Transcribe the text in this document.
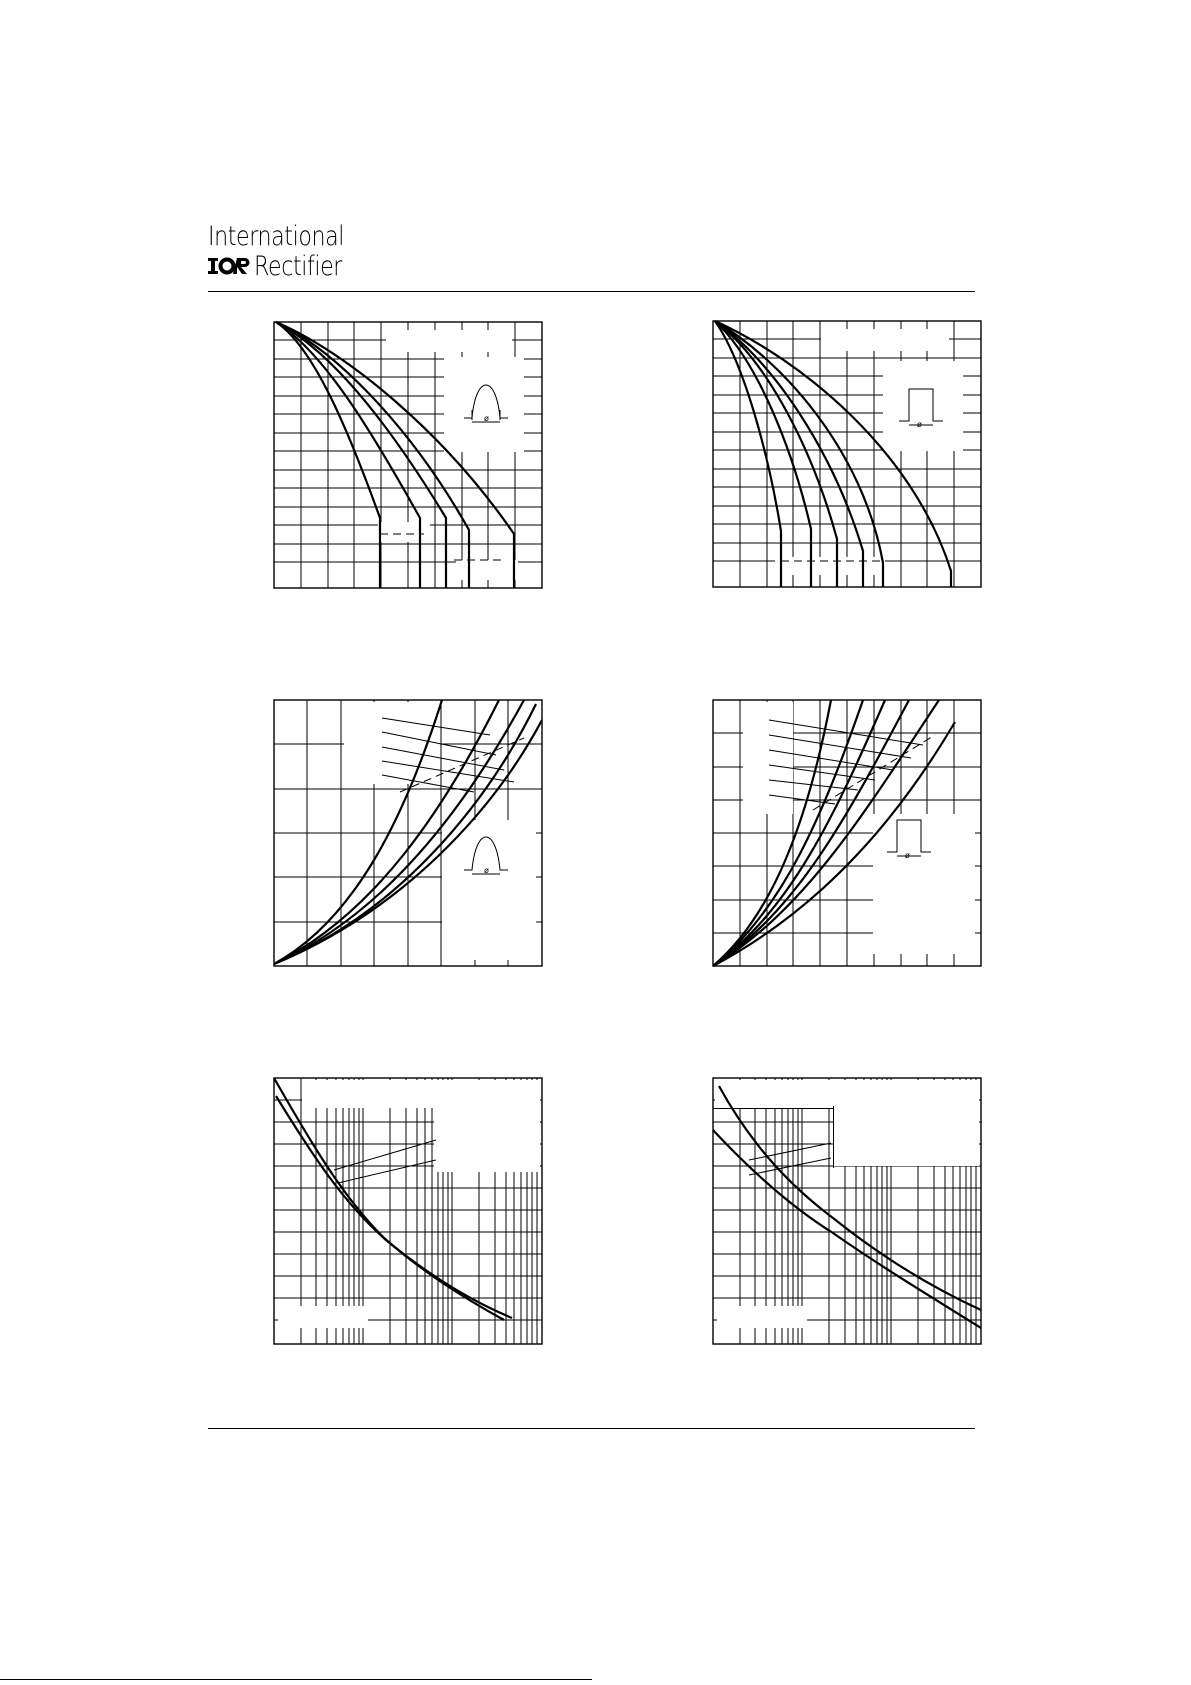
International
Rectifier
ø
ø
ø
ø
